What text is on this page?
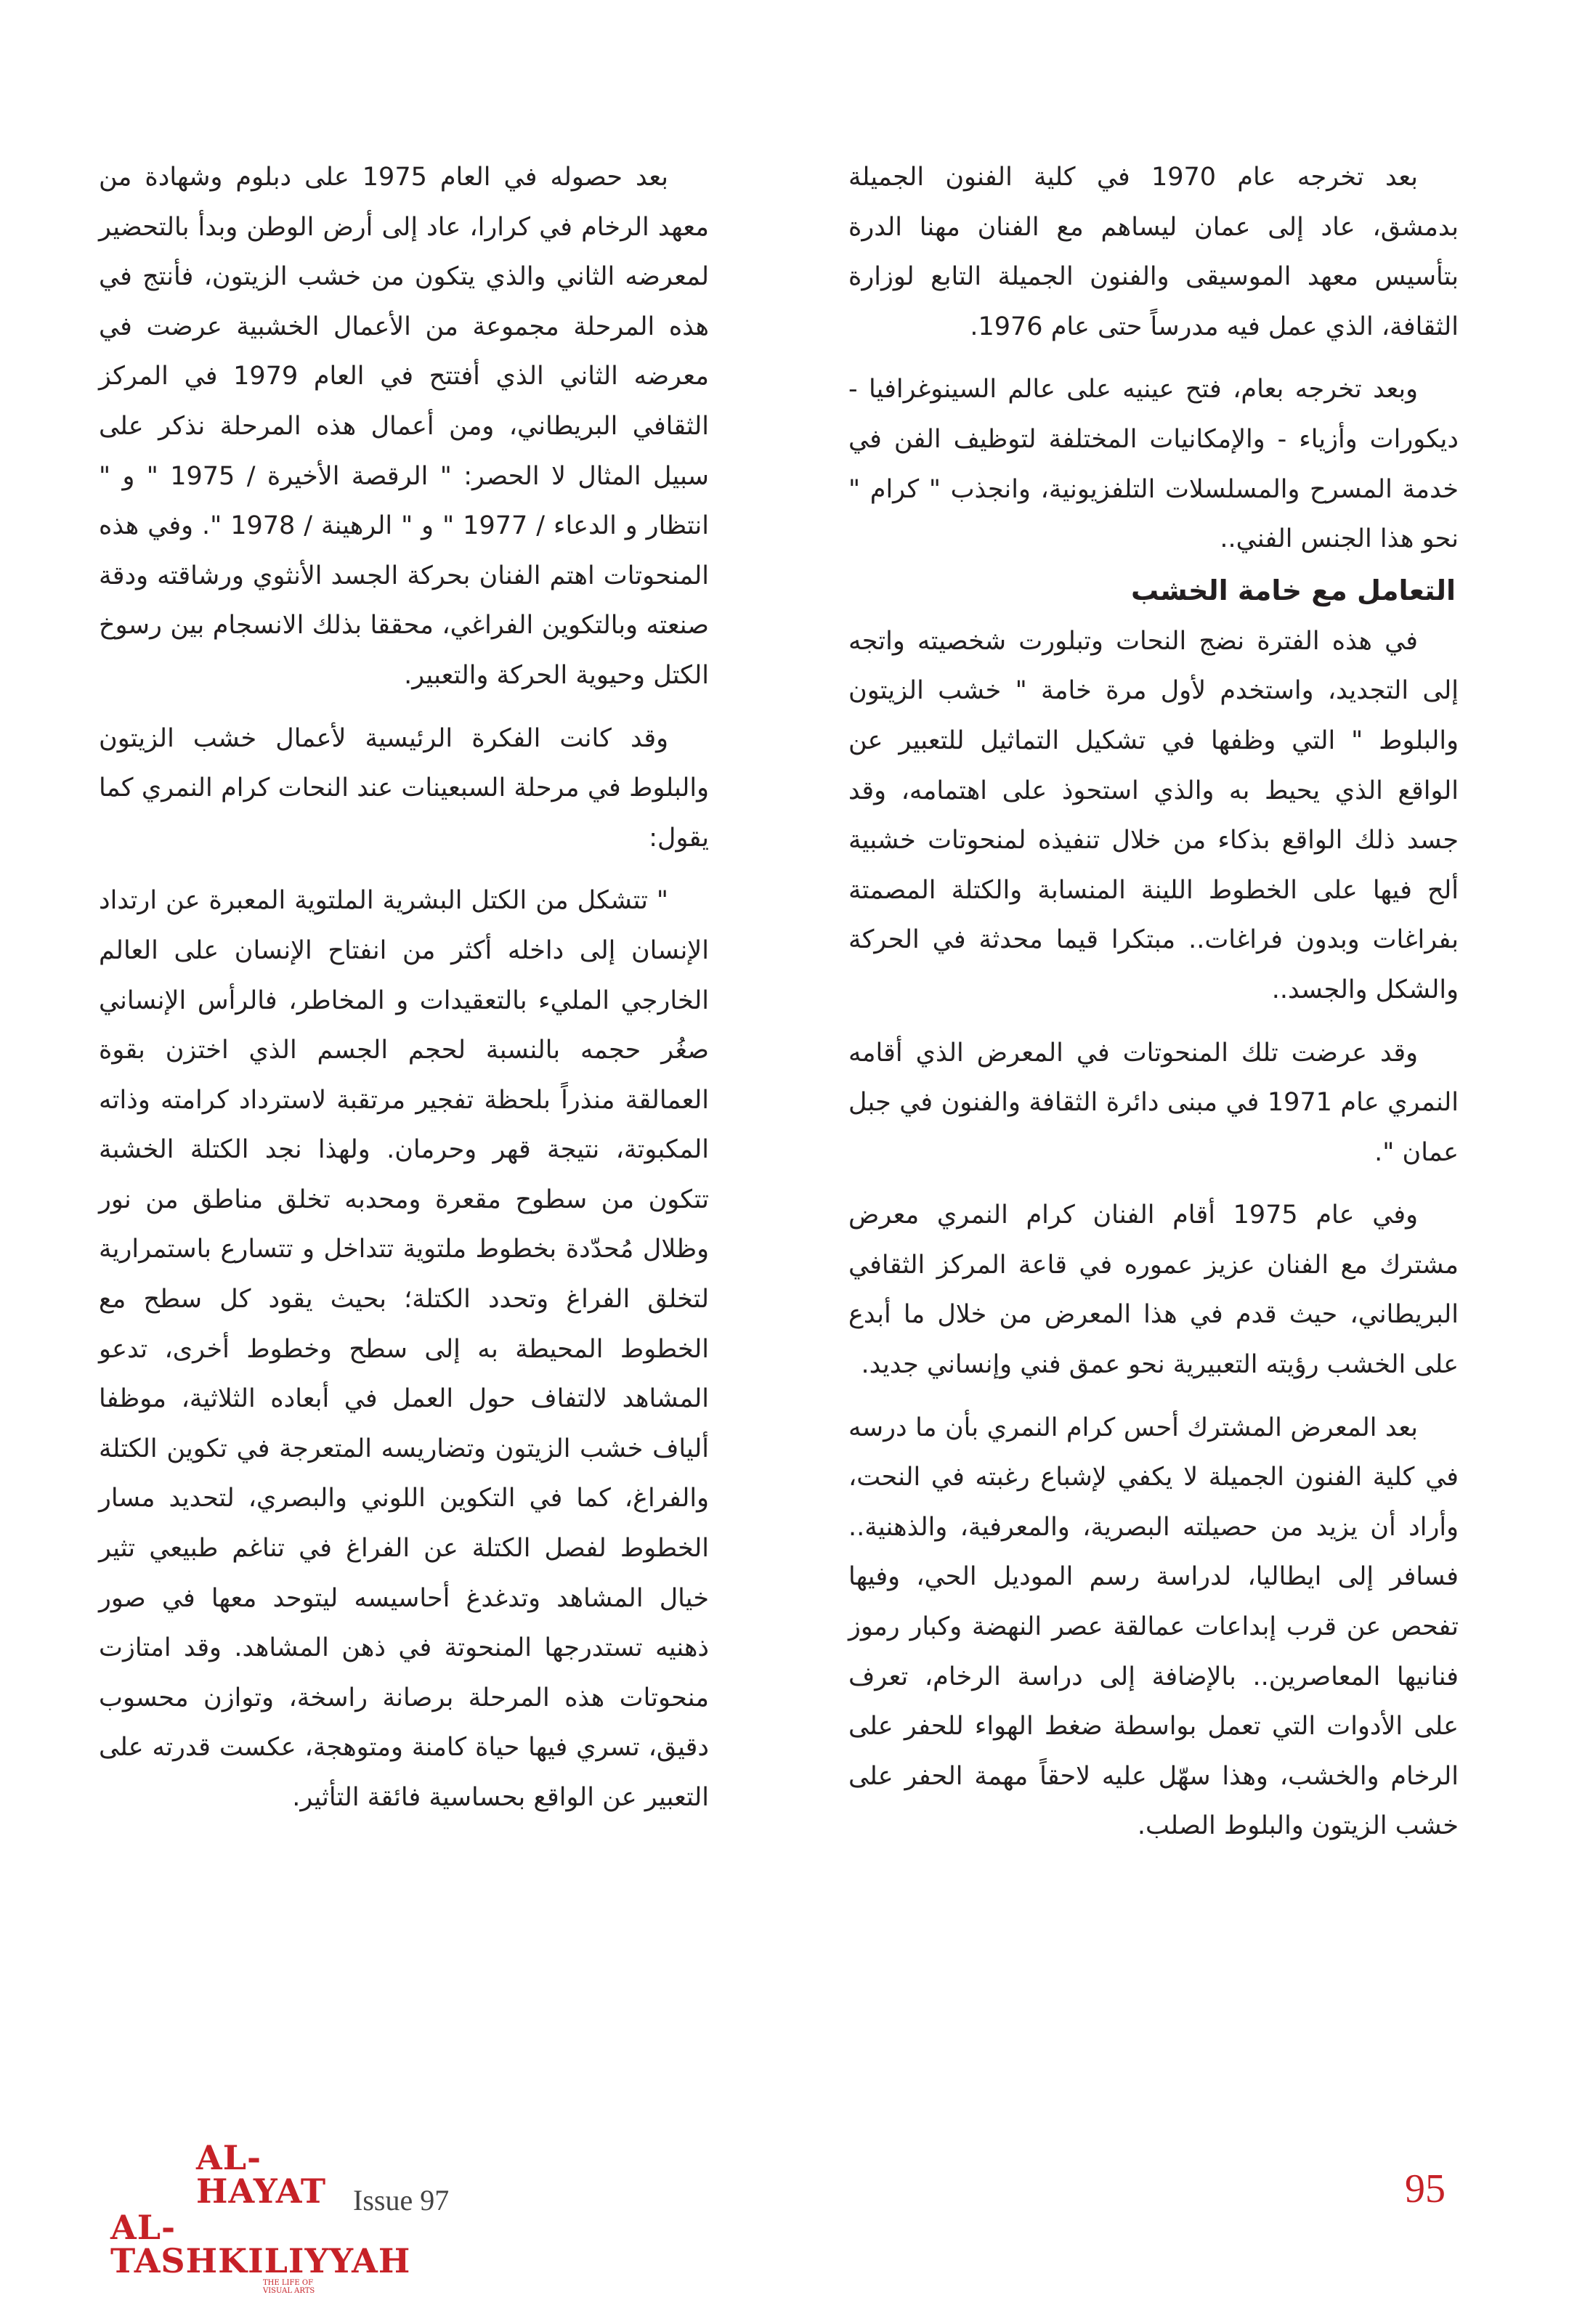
بعد تخرجه عام 1970 في كلية الفنون الجميلة بدمشق، عاد إلى عمان ليساهم مع الفنان مهنا الدرة بتأسيس معهد الموسيقى والفنون الجميلة التابع لوزارة الثقافة، الذي عمل فيه مدرساً حتى عام 1976.

وبعد تخرجه بعام، فتح عينيه على عالم السينوغرافيا - ديكورات وأزياء - والإمكانيات المختلفة لتوظيف الفن في خدمة المسرح والمسلسلات التلفزيونية، وانجذب " كرام " نحو هذا الجنس الفني..

التعامل مع خامة الخشب

في هذه الفترة نضج النحات وتبلورت شخصيته واتجه إلى التجديد، واستخدم لأول مرة خامة " خشب الزيتون والبلوط " التي وظفها في تشكيل التماثيل للتعبير عن الواقع الذي يحيط به والذي استحوذ على اهتمامه، وقد جسد ذلك الواقع بذكاء من خلال تنفيذه لمنحوتات خشبية ألح فيها على الخطوط اللينة المنسابة والكتلة المصمتة بفراغات وبدون فراغات.. مبتكرا قيما محدثة في الحركة والشكل والجسد..

وقد عرضت تلك المنحوتات في المعرض الذي أقامه النمري عام 1971 في مبنى دائرة الثقافة والفنون في جبل عمان ".

وفي عام 1975 أقام الفنان كرام النمري معرض مشترك مع الفنان عزيز عموره في قاعة المركز الثقافي البريطاني، حيث قدم في هذا المعرض من خلال ما أبدع على الخشب رؤيته التعبيرية نحو عمق فني وإنساني جديد.

بعد المعرض المشترك أحس كرام النمري بأن ما درسه في كلية الفنون الجميلة لا يكفي لإشباع رغبته في النحت، وأراد أن يزيد من حصيلته البصرية، والمعرفية، والذهنية.. فسافر إلى ايطاليا، لدراسة رسم الموديل الحي، وفيها تفحص عن قرب إبداعات عمالقة عصر النهضة وكبار رموز فنانيها المعاصرين.. بالإضافة إلى دراسة الرخام، تعرف على الأدوات التي تعمل بواسطة ضغط الهواء للحفر على الرخام والخشب، وهذا سهّل عليه لاحقاً مهمة الحفر على خشب الزيتون والبلوط الصلب.

بعد حصوله في العام 1975 على دبلوم وشهادة من معهد الرخام في كرارا، عاد إلى أرض الوطن وبدأ بالتحضير لمعرضه الثاني والذي يتكون من خشب الزيتون، فأنتج في هذه المرحلة مجموعة من الأعمال الخشبية عرضت في معرضه الثاني الذي أفتتح في العام 1979 في المركز الثقافي البريطاني، ومن أعمال هذه المرحلة نذكر على سبيل المثال لا الحصر: " الرقصة الأخيرة / 1975 " و " انتظار و الدعاء / 1977 " و " الرهينة / 1978 ". وفي هذه المنحوتات اهتم الفنان بحركة الجسد الأنثوي ورشاقته ودقة صنعته وبالتكوين الفراغي، محققا بذلك الانسجام بين رسوخ الكتل وحيوية الحركة والتعبير.

وقد كانت الفكرة الرئيسية لأعمال خشب الزيتون والبلوط في مرحلة السبعينات عند النحات كرام النمري كما يقول:

" تتشكل من الكتل البشرية الملتوية المعبرة عن ارتداد الإنسان إلى داخله أكثر من انفتاح الإنسان على العالم الخارجي المليء بالتعقيدات و المخاطر، فالرأس الإنساني صغُر حجمه بالنسبة لحجم الجسم الذي اختزن بقوة العمالقة منذراً بلحظة تفجير مرتقبة لاسترداد كرامته وذاته المكبوتة، نتيجة قهر وحرمان. ولهذا نجد الكتلة الخشبة تتكون من سطوح مقعرة ومحدبه تخلق مناطق من نور وظلال مُحدّدة بخطوط ملتوية تتداخل و تتسارع باستمرارية لتخلق الفراغ وتحدد الكتلة؛ بحيث يقود كل سطح مع الخطوط المحيطة به إلى سطح وخطوط أخرى، تدعو المشاهد لالتفاف حول العمل في أبعاده الثلاثية، موظفا ألياف خشب الزيتون وتضاريسه المتعرجة في تكوين الكتلة والفراغ، كما في التكوين اللوني والبصري، لتحديد مسار الخطوط لفصل الكتلة عن الفراغ في تناغم طبيعي تثير خيال المشاهد وتدغدغ أحاسيسه ليتوحد معها في صور ذهنيه تستدرجها المنحوتة في ذهن المشاهد. وقد امتازت منحوتات هذه المرحلة برصانة راسخة، وتوازن محسوب دقيق، تسري فيها حياة كامنة ومتوهجة، عكست قدرته على التعبير عن الواقع بحساسية فائقة التأثير.

AL-HAYAT
AL-TASHKILIYYAH
THE LIFE OF VISUAL ARTS
Issue 97	95
